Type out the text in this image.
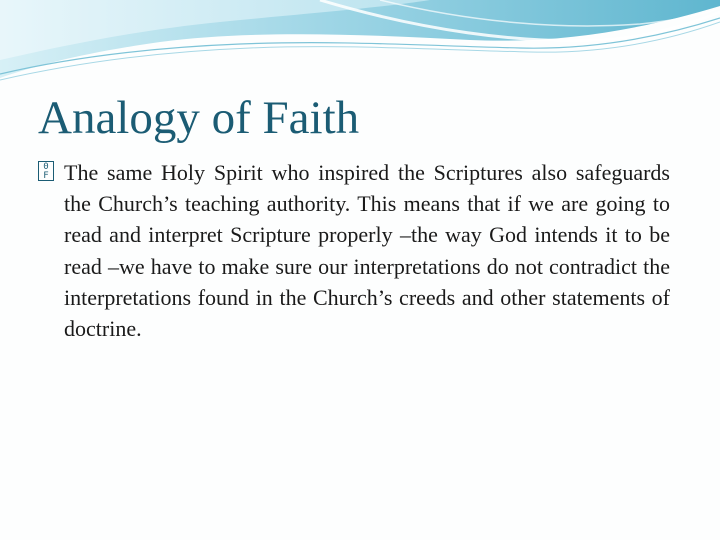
Analogy of Faith
0
F The same Holy Spirit who inspired the Scriptures also safeguards the Church’s teaching authority. This means that if we are going to read and interpret Scripture properly –the way God intends it to be read –we have to make sure our interpretations do not contradict the interpretations found in the Church’s creeds and other statements of doctrine.
